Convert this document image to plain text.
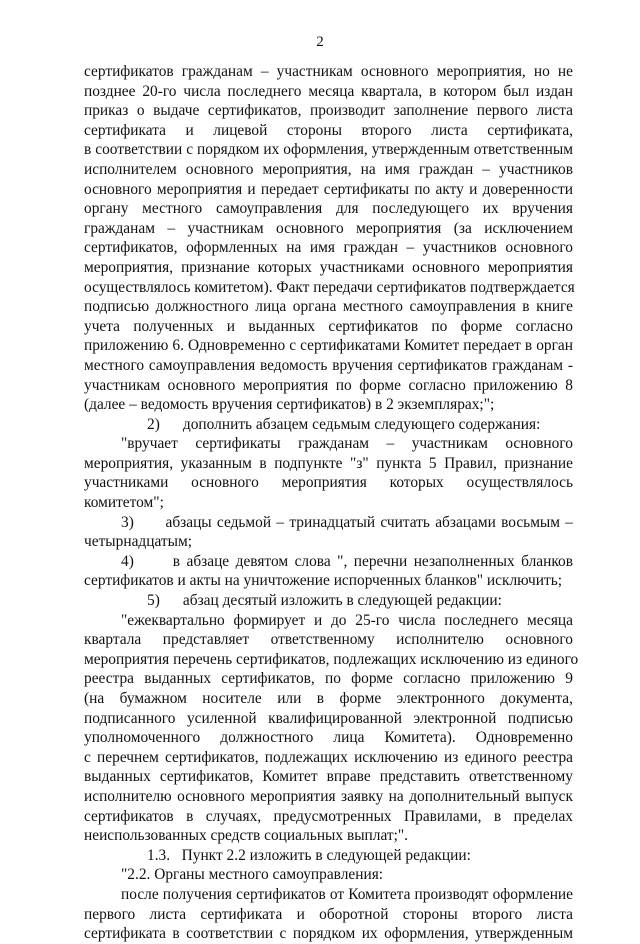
2
сертификатов гражданам – участникам основного мероприятия, но не
позднее 20-го числа последнего месяца квартала, в котором был издан
приказ о выдаче сертификатов, производит заполнение первого листа
сертификата и лицевой стороны второго листа сертификата,
в соответствии с порядком их оформления, утвержденным ответственным
исполнителем основного мероприятия, на имя граждан – участников
основного мероприятия и передает сертификаты по акту и доверенности
органу местного самоуправления для последующего их вручения
гражданам – участникам основного мероприятия (за исключением
сертификатов, оформленных на имя граждан – участников основного
мероприятия, признание которых участниками основного мероприятия
осуществлялось комитетом). Факт передачи сертификатов подтверждается
подписью должностного лица органа местного самоуправления в книге
учета полученных и выданных сертификатов по форме согласно
приложению 6. Одновременно с сертификатами Комитет передает в орган
местного самоуправления ведомость вручения сертификатов гражданам -
участникам основного мероприятия по форме согласно приложению 8
(далее – ведомость вручения сертификатов) в 2 экземплярах;";
2)      дополнить абзацем седьмым следующего содержания:
"вручает сертификаты гражданам – участникам основного
мероприятия, указанным в подпункте "з" пункта 5 Правил, признание
участниками основного мероприятия которых осуществлялось
комитетом";
3)      абзацы седьмой – тринадцатый считать абзацами восьмым –
четырнадцатым;
4)      в абзаце девятом слова ", перечни незаполненных бланков
сертификатов и акты на уничтожение испорченных бланков" исключить;
5)      абзац десятый изложить в следующей редакции:
"ежеквартально формирует и до 25-го числа последнего месяца
квартала представляет ответственному исполнителю основного
мероприятия перечень сертификатов, подлежащих исключению из единого
реестра выданных сертификатов, по форме согласно приложению 9
(на бумажном носителе или в форме электронного документа,
подписанного усиленной квалифицированной электронной подписью
уполномоченного должностного лица Комитета). Одновременно
с перечнем сертификатов, подлежащих исключению из единого реестра
выданных сертификатов, Комитет вправе представить ответственному
исполнителю основного мероприятия заявку на дополнительный выпуск
сертификатов в случаях, предусмотренных Правилами, в пределах
неиспользованных средств социальных выплат;".
1.3.   Пункт 2.2 изложить в следующей редакции:
"2.2. Органы местного самоуправления:
после получения сертификатов от Комитета производят оформление
первого листа сертификата и оборотной стороны второго листа
сертификата в соответствии с порядком их оформления, утвержденным
